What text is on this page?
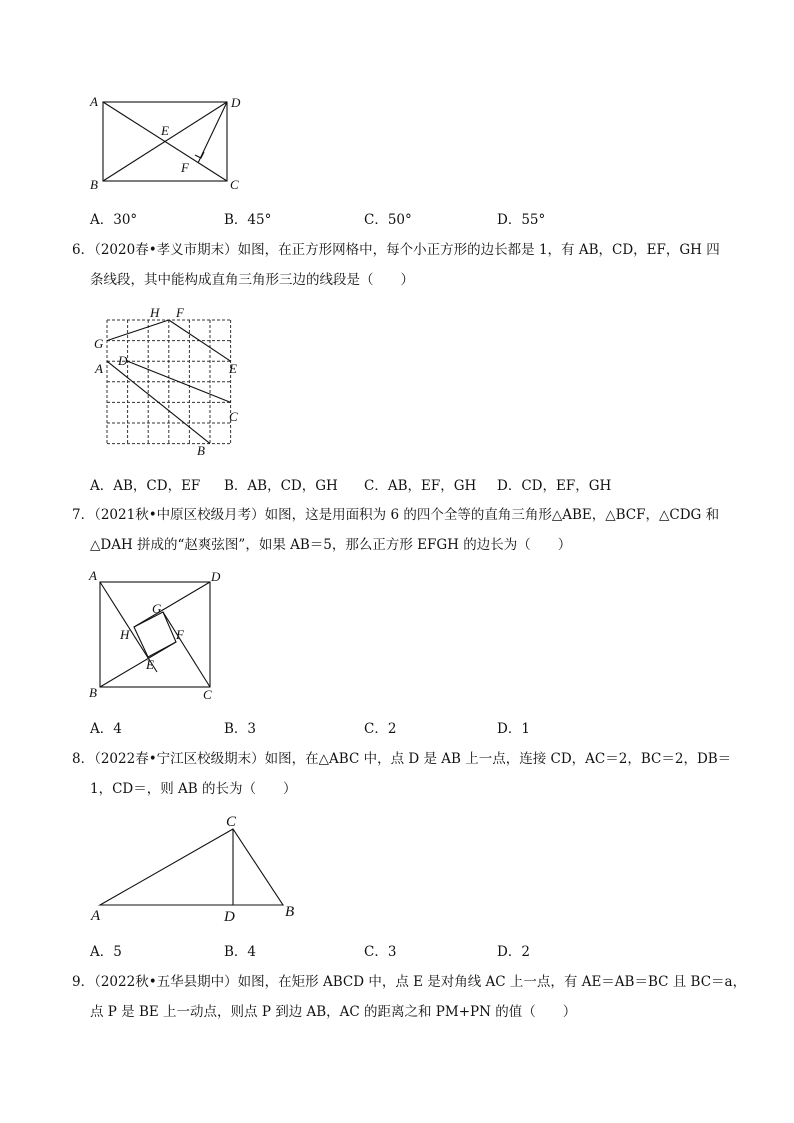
A	D
E
F
B	C
A．30°	B．45°	C．50°	D．55°
6．（2020春•孝义市期末）如图，在正方形网格中，每个小正方形的边长都是 1，有 AB，CD，EF，GH 四
条线段，其中能构成直角三角形三边的线段是（　　）
H F
G
D
A	E
C
B
A．AB，CD，EF B．AB，CD，GH C．AB，EF，GH D．CD，EF，GH
7．（2021秋•中原区校级月考）如图，这是用面积为 6 的四个全等的直角三角形△ABE，△BCF，△CDG 和
△DAH 拼成的“赵爽弦图”，如果 AB＝5，那么正方形 EFGH 的边长为（　　）
A	D
G
H	F
E
B	C
A．4	B．3	C．2	D．1
8．（2022春•宁江区校级期末）如图，在△ABC 中，点 D 是 AB 上一点，连接 CD，AC＝2，BC＝2，DB＝
1，CD＝，则 AB 的长为（　　）
C
A	D	B
A．5	B．4	C．3	D．2
9．（2022秋•五华县期中）如图，在矩形 ABCD 中，点 E 是对角线 AC 上一点，有 AE＝AB＝BC 且 BC＝a，
点 P 是 BE 上一动点，则点 P 到边 AB，AC 的距离之和 PM+PN 的值（　　）
